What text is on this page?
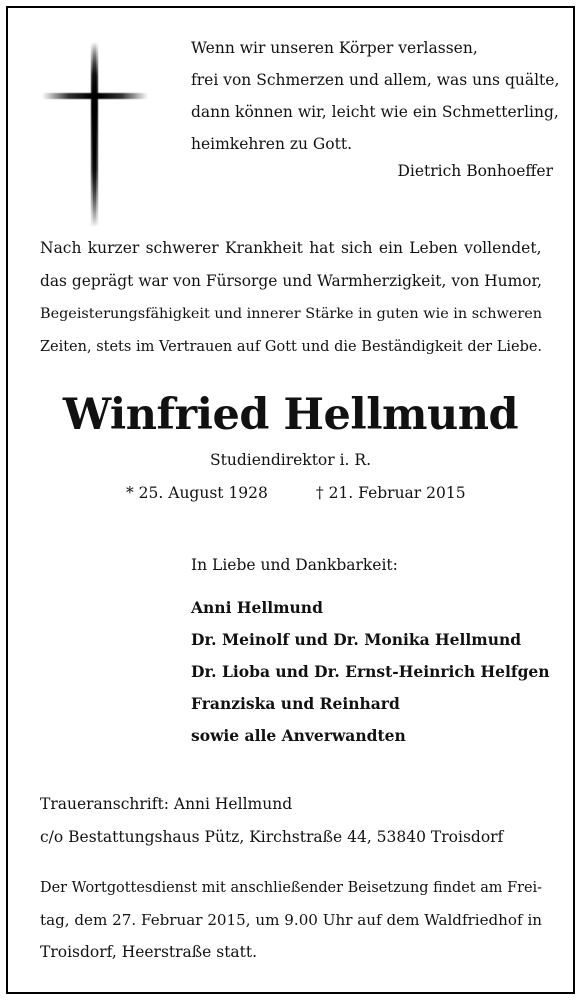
Wenn wir unseren Körper verlassen,
frei von Schmerzen und allem, was uns quälte,
dann können wir, leicht wie ein Schmetterling,
heimkehren zu Gott.
Dietrich Bonhoeffer
Nach kurzer schwerer Krankheit hat sich ein Leben vollendet,
das geprägt war von Fürsorge und Warmherzigkeit, von Humor,
Begeisterungsfähigkeit und innerer Stärke in guten wie in schweren
Zeiten, stets im Vertrauen auf Gott und die Beständigkeit der Liebe.
Winfried Hellmund
Studiendirektor i. R.
* 25. August 1928	† 21. Februar 2015
In Liebe und Dankbarkeit:
Anni Hellmund
Dr. Meinolf und Dr. Monika Hellmund
Dr. Lioba und Dr. Ernst-Heinrich Helfgen
Franziska und Reinhard
sowie alle Anverwandten
Traueranschrift: Anni Hellmund
c/o Bestattungshaus Pütz, Kirchstraße 44, 53840 Troisdorf
Der Wortgottesdienst mit anschließender Beisetzung findet am Frei-
tag, dem 27. Februar 2015, um 9.00 Uhr auf dem Waldfriedhof in
Troisdorf, Heerstraße statt.
